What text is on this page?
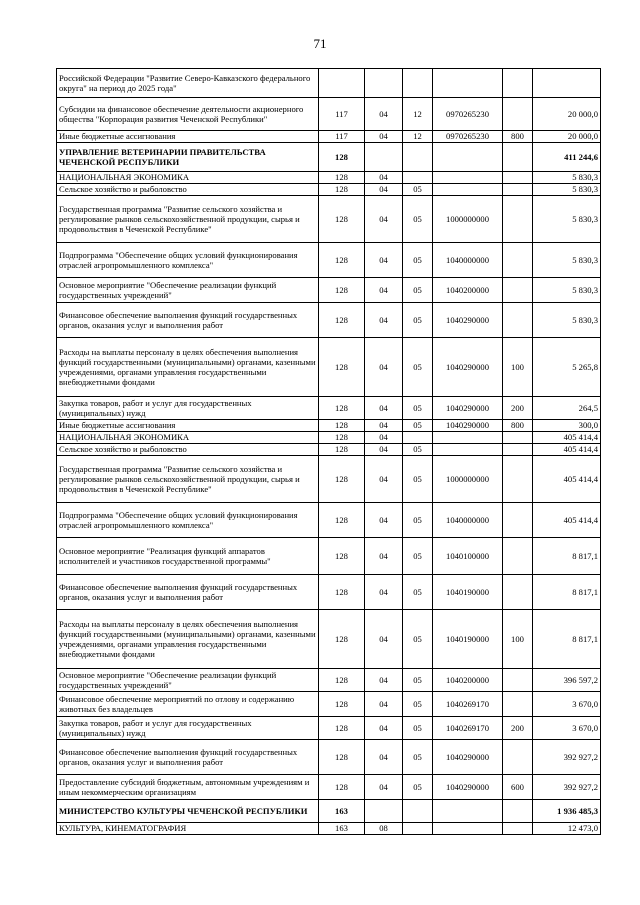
71
Российской Федерации "Развитие Северо-Кавказского федерального округа" на период до 2025 года"						
Субсидии на финансовое обеспечение деятельности акционерного общества "Корпорация развития Чеченской Республики"	117	04	12	0970265230		20 000,0
Иные бюджетные ассигнования	117	04	12	0970265230	800	20 000,0
УПРАВЛЕНИЕ ВЕТЕРИНАРИИ ПРАВИТЕЛЬСТВА ЧЕЧЕНСКОЙ РЕСПУБЛИКИ	128					411 244,6
НАЦИОНАЛЬНАЯ ЭКОНОМИКА	128	04				5 830,3
Сельское хозяйство и рыболовство	128	04	05			5 830,3
Государственная программа "Развитие сельского хозяйства и регулирование рынков сельскохозяйственной продукции, сырья и продовольствия в Чеченской Республике"	128	04	05	1000000000		5 830,3
Подпрограмма "Обеспечение общих условий функционирования отраслей агропромышленного комплекса"	128	04	05	1040000000		5 830,3
Основное мероприятие "Обеспечение реализации функций государственных учреждений"	128	04	05	1040200000		5 830,3
Финансовое обеспечение выполнения функций государственных органов, оказания услуг и выполнения работ	128	04	05	1040290000		5 830,3
Расходы на выплаты персоналу в целях обеспечения выполнения функций государственными (муниципальными) органами, казенными учреждениями, органами управления государственными внебюджетными фондами	128	04	05	1040290000	100	5 265,8
Закупка товаров, работ и услуг для государственных (муниципальных) нужд	128	04	05	1040290000	200	264,5
Иные бюджетные ассигнования	128	04	05	1040290000	800	300,0
НАЦИОНАЛЬНАЯ ЭКОНОМИКА	128	04				405 414,4
Сельское хозяйство и рыболовство	128	04	05			405 414,4
Государственная программа "Развитие сельского хозяйства и регулирование рынков сельскохозяйственной продукции, сырья и продовольствия в Чеченской Республике"	128	04	05	1000000000		405 414,4
Подпрограмма "Обеспечение общих условий функционирования отраслей агропромышленного комплекса"	128	04	05	1040000000		405 414,4
Основное мероприятие "Реализация функций аппаратов исполнителей и участников государственной программы"	128	04	05	1040100000		8 817,1
Финансовое обеспечение выполнения функций государственных органов, оказания услуг и выполнения работ	128	04	05	1040190000		8 817,1
Расходы на выплаты персоналу в целях обеспечения выполнения функций государственными (муниципальными) органами, казенными учреждениями, органами управления государственными внебюджетными фондами	128	04	05	1040190000	100	8 817,1
Основное мероприятие "Обеспечение реализации функций государственных учреждений"	128	04	05	1040200000		396 597,2
Финансовое обеспечение мероприятий по отлову и содержанию животных без владельцев	128	04	05	1040269170		3 670,0
Закупка товаров, работ и услуг для государственных (муниципальных) нужд	128	04	05	1040269170	200	3 670,0
Финансовое обеспечение выполнения функций государственных органов, оказания услуг и выполнения работ	128	04	05	1040290000		392 927,2
Предоставление субсидий бюджетным, автономным учреждениям и иным некоммерческим организациям	128	04	05	1040290000	600	392 927,2
МИНИСТЕРСТВО КУЛЬТУРЫ ЧЕЧЕНСКОЙ РЕСПУБЛИКИ	163					1 936 485,3
КУЛЬТУРА, КИНЕМАТОГРАФИЯ	163	08				12 473,0
